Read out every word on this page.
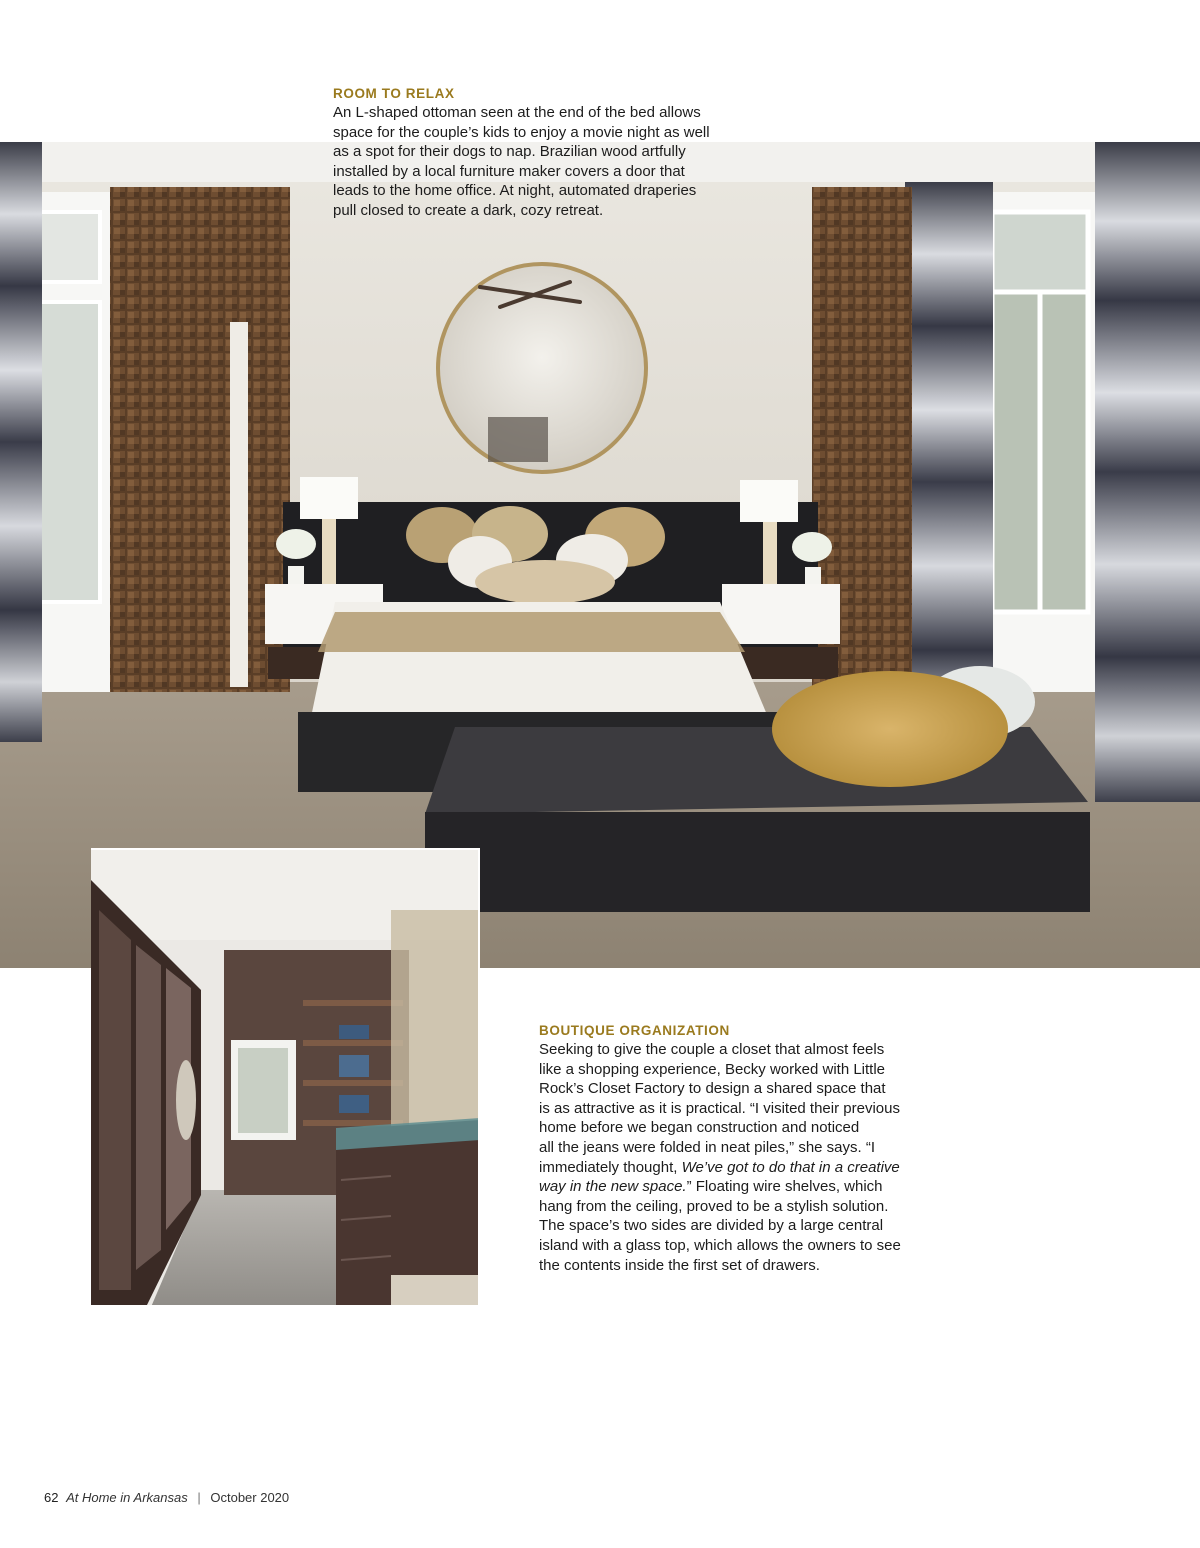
ROOM TO RELAX
An L-shaped ottoman seen at the end of the bed allows
space for the couple’s kids to enjoy a movie night as well
as a spot for their dogs to nap. Brazilian wood artfully
installed by a local furniture maker covers a door that
leads to the home office. At night, automated draperies
pull closed to create a dark, cozy retreat.
BOUTIQUE ORGANIZATION
Seeking to give the couple a closet that almost feels
like a shopping experience, Becky worked with Little
Rock’s Closet Factory to design a shared space that
is as attractive as it is practical. “I visited their previous
home before we began construction and noticed
all the jeans were folded in neat piles,” she says. “I
immediately thought, We’ve got to do that in a creative
way in the new space.” Floating wire shelves, which
hang from the ceiling, proved to be a stylish solution.
The space’s two sides are divided by a large central
island with a glass top, which allows the owners to see
the contents inside the first set of drawers.
62 At Home in Arkansas | October 2020
